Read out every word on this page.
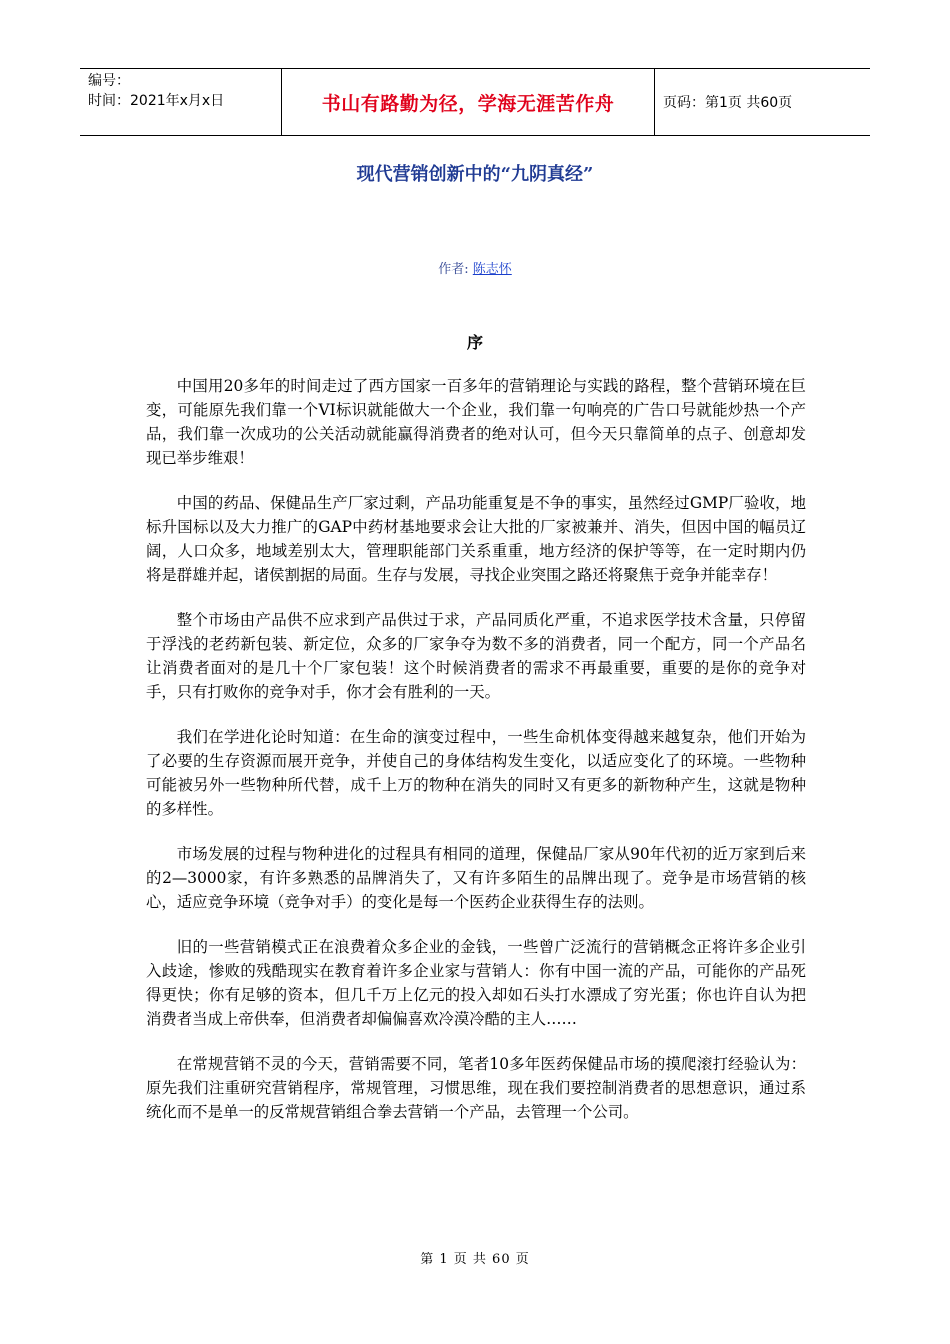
编号：
时间：2021年x月x日	书山有路勤为径，学海无涯苦作舟	页码：第1页 共60页
现代营销创新中的“九阴真经”
作者: 陈志怀
序

中国用20多年的时间走过了西方国家一百多年的营销理论与实践的路程，整个营销环境在巨变，可能原先我们靠一个VI标识就能做大一个企业，我们靠一句响亮的广告口号就能炒热一个产品，我们靠一次成功的公关活动就能赢得消费者的绝对认可，但今天只靠简单的点子、创意却发现已举步维艰！

中国的药品、保健品生产厂家过剩，产品功能重复是不争的事实，虽然经过GMP厂验收，地标升国标以及大力推广的GAP中药材基地要求会让大批的厂家被兼并、消失，但因中国的幅员辽阔，人口众多，地域差别太大，管理职能部门关系重重，地方经济的保护等等，在一定时期内仍将是群雄并起，诸侯割据的局面。生存与发展，寻找企业突围之路还将聚焦于竞争并能幸存！

整个市场由产品供不应求到产品供过于求，产品同质化严重，不追求医学技术含量，只停留于浮浅的老药新包装、新定位，众多的厂家争夺为数不多的消费者，同一个配方，同一个产品名让消费者面对的是几十个厂家包装！这个时候消费者的需求不再最重要，重要的是你的竞争对手，只有打败你的竞争对手，你才会有胜利的一天。

我们在学进化论时知道：在生命的演变过程中，一些生命机体变得越来越复杂，他们开始为了必要的生存资源而展开竞争，并使自己的身体结构发生变化，以适应变化了的环境。一些物种可能被另外一些物种所代替，成千上万的物种在消失的同时又有更多的新物种产生，这就是物种的多样性。

市场发展的过程与物种进化的过程具有相同的道理，保健品厂家从90年代初的近万家到后来的2—3000家，有许多熟悉的品牌消失了，又有许多陌生的品牌出现了。竞争是市场营销的核心，适应竞争环境（竞争对手）的变化是每一个医药企业获得生存的法则。

旧的一些营销模式正在浪费着众多企业的金钱，一些曾广泛流行的营销概念正将许多企业引入歧途，惨败的残酷现实在教育着许多企业家与营销人：你有中国一流的产品，可能你的产品死得更快；你有足够的资本，但几千万上亿元的投入却如石头打水漂成了穷光蛋；你也许自认为把消费者当成上帝供奉，但消费者却偏偏喜欢冷漠冷酷的主人……

在常规营销不灵的今天，营销需要不同，笔者10多年医药保健品市场的摸爬滚打经验认为：原先我们注重研究营销程序，常规管理，习惯思维，现在我们要控制消费者的思想意识，通过系统化而不是单一的反常规营销组合拳去营销一个产品，去管理一个公司。

第 1 页 共 60 页
